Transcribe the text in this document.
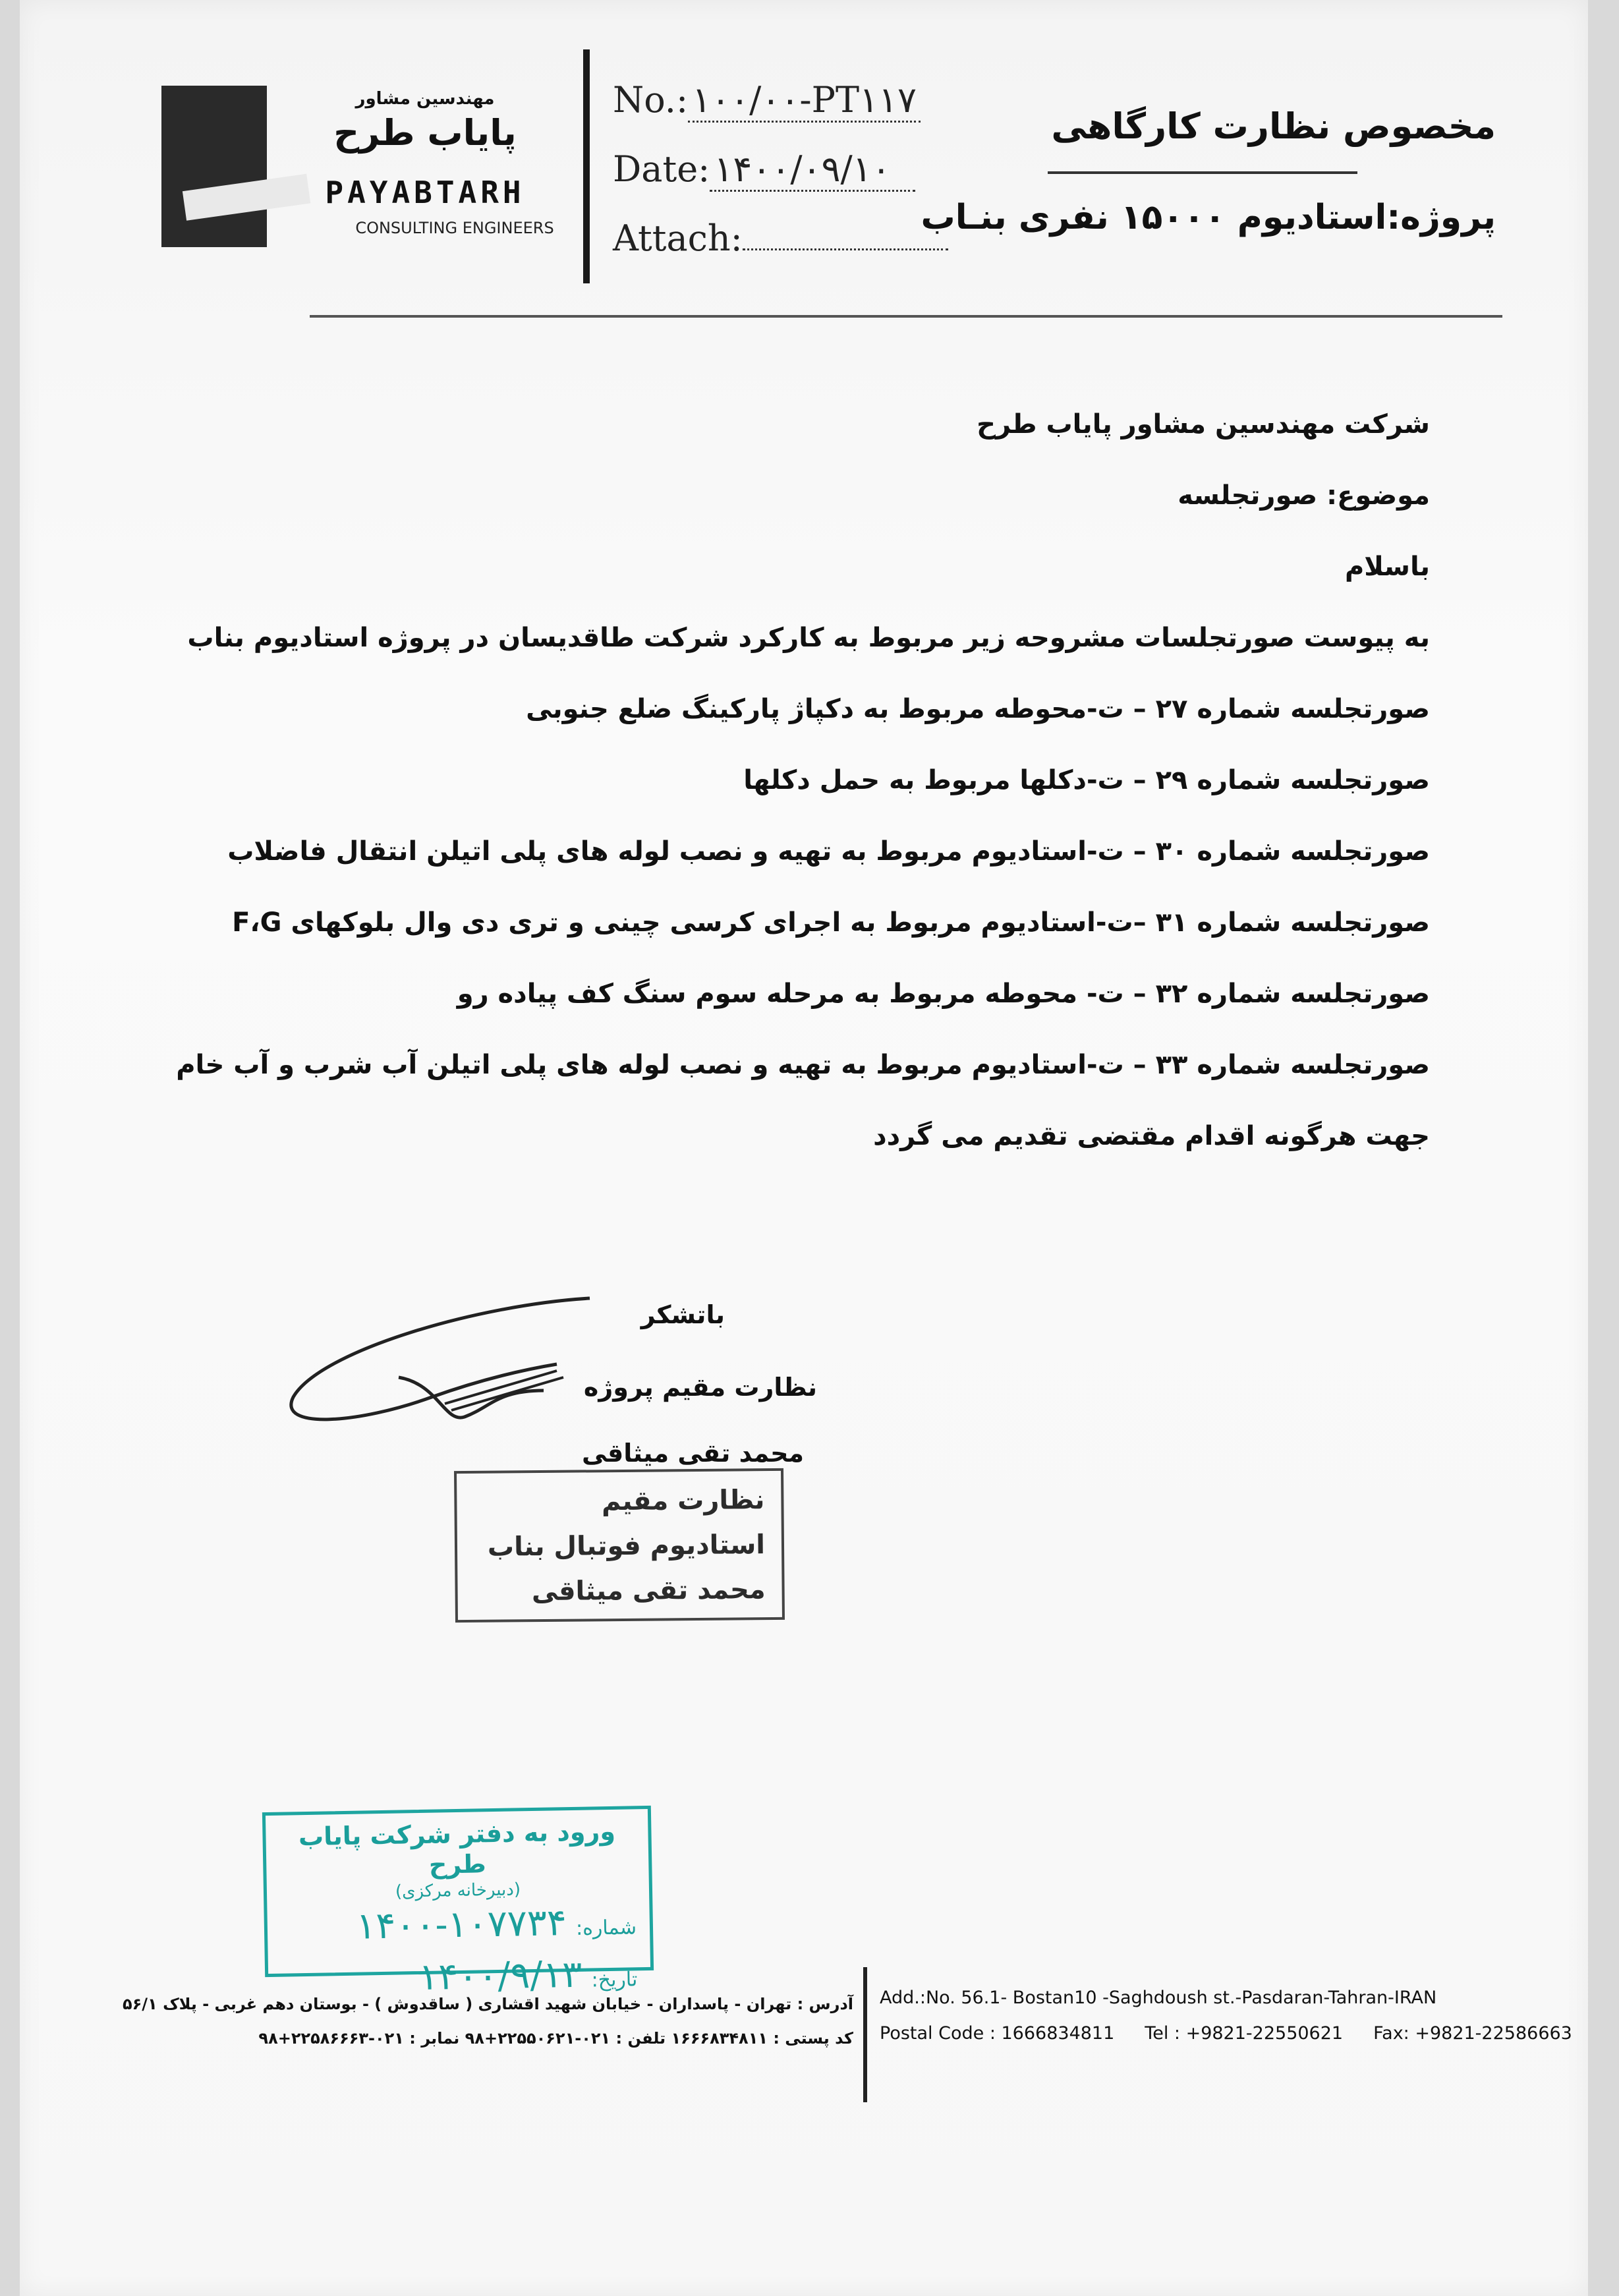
مهندسین مشاور
پایاب طرح
PAYABTARH
CONSULTING ENGINEERS
No.: ۱۰۰/۰۰-PT۱۱۷
Date: ۱۴۰۰/۰۹/۱۰
Attach:
مخصوص نظارت کارگاهی
پروژه:استادیوم ۱۵۰۰۰ نفری بنـاب
شرکت مهندسین مشاور پایاب طرح
موضوع: صورتجلسه
باسلام
به پیوست صورتجلسات مشروحه زیر مربوط به کارکرد شرکت طاقدیسان در پروژه استادیوم بناب
صورتجلسه شماره ۲۷ – ت-محوطه مربوط به دکپاژ پارکینگ ضلع جنوبی
صورتجلسه شماره ۲۹ – ت-دکلها مربوط به حمل دکلها
صورتجلسه شماره ۳۰ – ت-استادیوم مربوط به تهیه و نصب لوله های پلی اتیلن انتقال فاضلاب
صورتجلسه شماره ۳۱ –ت-استادیوم مربوط به اجرای کرسی چینی و تری دی وال بلوکهای F،G
صورتجلسه شماره ۳۲ – ت- محوطه مربوط به مرحله سوم سنگ کف پیاده رو
صورتجلسه شماره ۳۳ – ت-استادیوم مربوط به تهیه و نصب لوله های پلی اتیلن آب شرب و آب خام
جهت هرگونه اقدام مقتضی تقدیم می گردد
باتشکر
نظارت مقیم پروژه
محمد تقی میثاقی
نظارت مقیم
استادیوم فوتبال بناب
محمد تقی میثاقی
ورود به دفتر شرکت پایاب طرح
(دبیرخانه مرکزی)
شماره:۱۴۰۰-۱۰۷۷۳۴
تاریخ:۱۴۰۰/۹/۱۳
آدرس : تهران - پاسداران - خیابان شهید اقشاری ( ساقدوش ) - بوستان دهم غربی - پلاک ۵۶/۱
کد پستی : ۱۶۶۶۸۳۴۸۱۱ تلفن : ۰۲۱-۲۲۵۵۰۶۲۱+۹۸ نمابر : ۰۲۱-۲۲۵۸۶۶۶۳+۹۸
Add.:No. 56.1- Bostan10 -Saghdoush st.-Pasdaran-Tahran-IRAN
Postal Code : 1666834811 Tel : +9821-22550621 Fax: +9821-22586663
